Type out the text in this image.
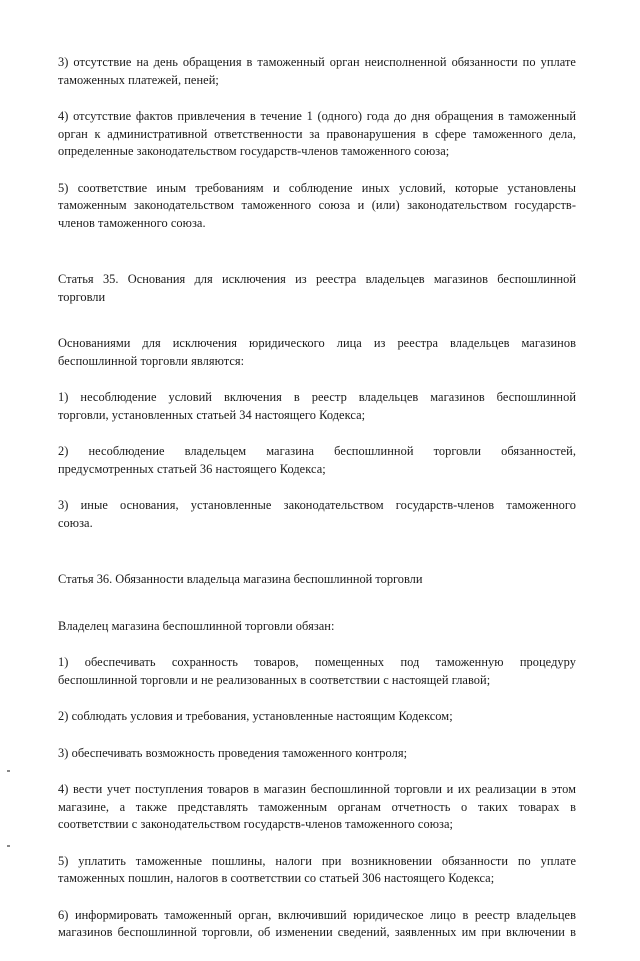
3) отсутствие на день обращения в таможенный орган неисполненной обязанности по уплате
таможенных платежей, пеней;

4) отсутствие фактов привлечения в течение 1 (одного) года до дня обращения в таможенный
орган к административной ответственности за правонарушения в сфере таможенного дела,
определенные законодательством государств-членов таможенного союза;

5) соответствие иным требованиям и соблюдение иных условий, которые установлены
таможенным законодательством таможенного союза и (или) законодательством государств-
членов таможенного союза.

Статья 35. Основания для исключения из реестра владельцев магазинов беспошлинной
торговли

Основаниями для исключения юридического лица из реестра владельцев магазинов
беспошлинной торговли являются:

1) несоблюдение условий включения в реестр владельцев магазинов беспошлинной
торговли, установленных статьей 34 настоящего Кодекса;

2) несоблюдение владельцем магазина беспошлинной торговли обязанностей,
предусмотренных статьей 36 настоящего Кодекса;

3) иные основания, установленные законодательством государств-членов таможенного
союза.

Статья 36. Обязанности владельца магазина беспошлинной торговли

Владелец магазина беспошлинной торговли обязан:

1) обеспечивать сохранность товаров, помещенных под таможенную процедуру
беспошлинной торговли и не реализованных в соответствии с настоящей главой;

2) соблюдать условия и требования, установленные настоящим Кодексом;

3) обеспечивать возможность проведения таможенного контроля;

4) вести учет поступления товаров в магазин беспошлинной торговли и их реализации в этом
магазине, а также представлять таможенным органам отчетность о таких товарах в
соответствии с законодательством государств-членов таможенного союза;

5) уплатить таможенные пошлины, налоги при возникновении обязанности по уплате
таможенных пошлин, налогов в соответствии со статьей 306 настоящего Кодекса;

6) информировать таможенный орган, включивший юридическое лицо в реестр владельцев
магазинов беспошлинной торговли, об изменении сведений, заявленных им при включении в
